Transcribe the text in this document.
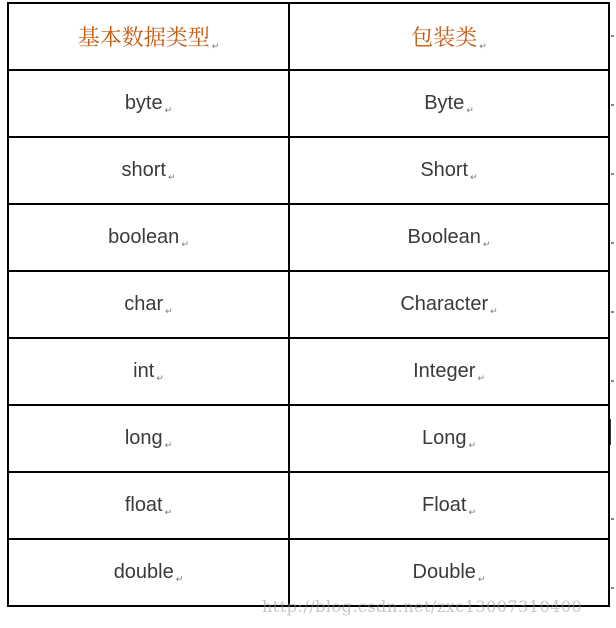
基本数据类型 ↵	包装类 ↵
byte ↵	Byte ↵
short ↵	Short ↵
boolean ↵	Boolean ↵
char ↵	Character ↵
int ↵	Integer ↵
long ↵	Long ↵
float ↵	Float ↵
double ↵	Double ↵
http://blog.csdn.net/zxc13007310400
